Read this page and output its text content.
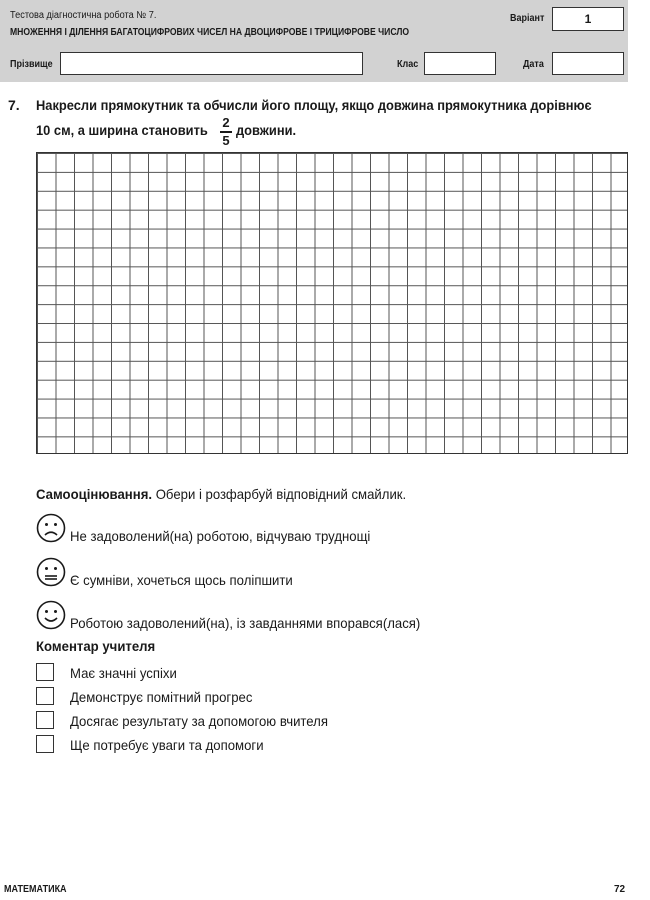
Тестова діагностична робота № 7.
МНОЖЕННЯ І ДІЛЕННЯ БАГАТОЦИФРОВИХ ЧИСЕЛ НА ДВОЦИФРОВЕ І ТРИЦИФРОВЕ ЧИСЛО
Варіант	1
Прізвище	Клас	Дата
7. Накресли прямокутник та обчисли його площу, якщо довжина прямокутника дорівнює
10 см, а ширина становить 2
5
довжини.
Самооцінювання. Обери і розфарбуй відповідний смайлик.
Не задоволений(на) роботою, відчуваю труднощі
Є сумніви, хочеться щось поліпшити
Роботою задоволений(на), із завданнями впорався(лася)
Коментар учителя
Має значні успіхи
Демонструє помітний прогрес
Досягає результату за допомогою вчителя
Ще потребує уваги та допомоги
МАТЕМАТИКА	72
